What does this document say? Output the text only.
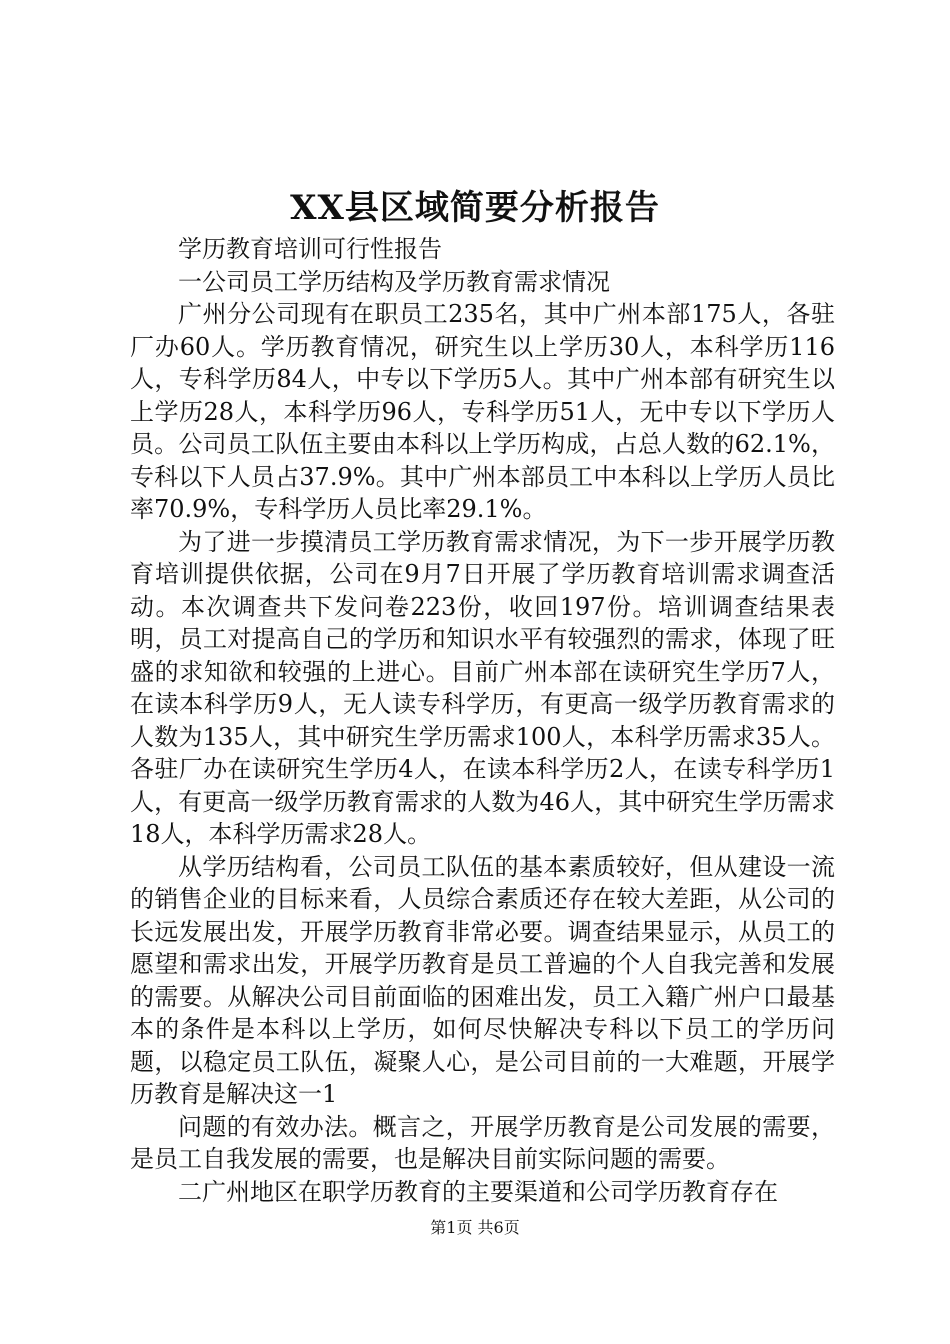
XX县区域简要分析报告

学历教育培训可行性报告

一公司员工学历结构及学历教育需求情况

广州分公司现有在职员工235名，其中广州本部175人，各驻厂办60人。学历教育情况，研究生以上学历30人，本科学历116人，专科学历84人，中专以下学历5人。其中广州本部有研究生以上学历28人，本科学历96人，专科学历51人，无中专以下学历人员。公司员工队伍主要由本科以上学历构成，占总人数的62.1%，专科以下人员占37.9%。其中广州本部员工中本科以上学历人员比率70.9%，专科学历人员比率29.1%。

为了进一步摸清员工学历教育需求情况，为下一步开展学历教育培训提供依据，公司在9月7日开展了学历教育培训需求调查活动。本次调查共下发问卷223份，收回197份。培训调查结果表明，员工对提高自己的学历和知识水平有较强烈的需求，体现了旺盛的求知欲和较强的上进心。目前广州本部在读研究生学历7人，在读本科学历9人，无人读专科学历，有更高一级学历教育需求的人数为135人，其中研究生学历需求100人，本科学历需求35人。各驻厂办在读研究生学历4人，在读本科学历2人，在读专科学历1人，有更高一级学历教育需求的人数为46人，其中研究生学历需求18人，本科学历需求28人。

从学历结构看，公司员工队伍的基本素质较好，但从建设一流的销售企业的目标来看，人员综合素质还存在较大差距，从公司的长远发展出发，开展学历教育非常必要。调查结果显示，从员工的愿望和需求出发，开展学历教育是员工普遍的个人自我完善和发展的需要。从解决公司目前面临的困难出发，员工入籍广州户口最基本的条件是本科以上学历，如何尽快解决专科以下员工的学历问题，以稳定员工队伍，凝聚人心，是公司目前的一大难题，开展学历教育是解决这一1

问题的有效办法。概言之，开展学历教育是公司发展的需要，是员工自我发展的需要，也是解决目前实际问题的需要。

二广州地区在职学历教育的主要渠道和公司学历教育存在

第1页 共6页
